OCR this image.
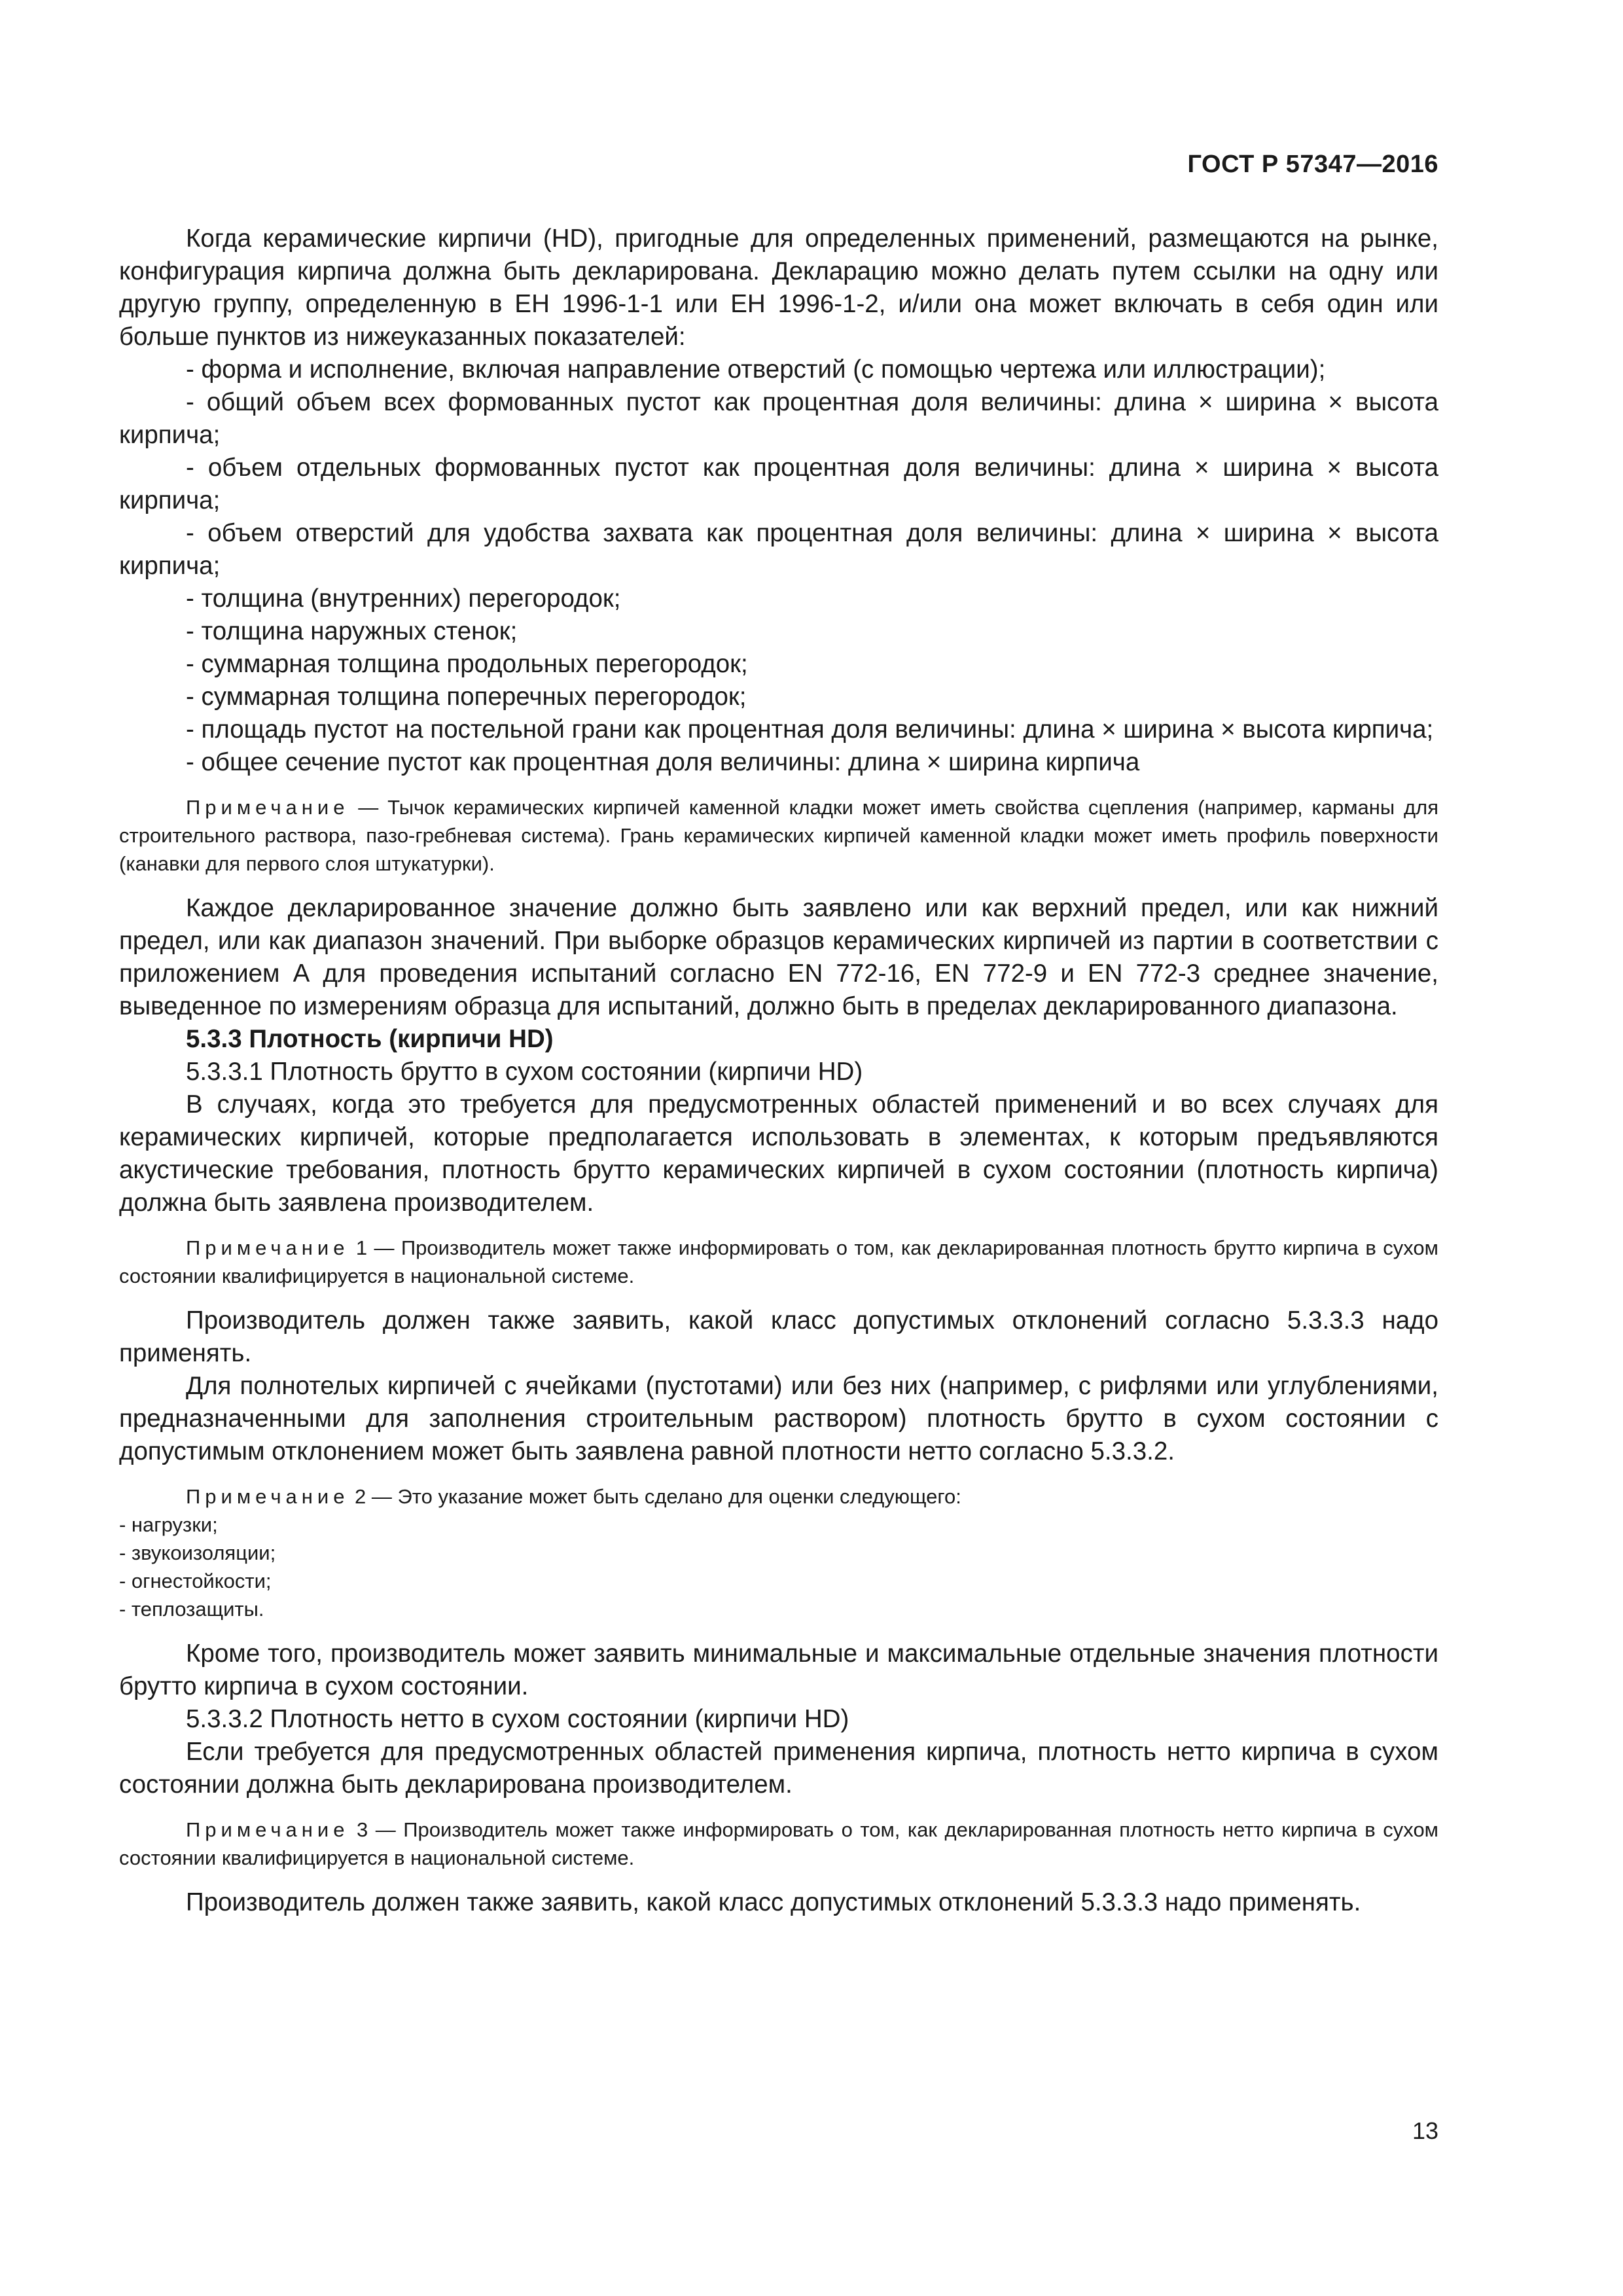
ГОСТ Р 57347—2016

Когда керамические кирпичи (HD), пригодные для определенных применений, размещаются на рынке, конфигурация кирпича должна быть декларирована. Декларацию можно делать путем ссылки на одну или другую группу, определенную в ЕН 1996-1-1 или ЕН 1996-1-2, и/или она может включать в себя один или больше пунктов из нижеуказанных показателей:

- форма и исполнение, включая направление отверстий (с помощью чертежа или иллюстрации);

- общий объем всех формованных пустот как процентная доля величины: длина × ширина × высота кирпича;

- объем отдельных формованных пустот как процентная доля величины: длина × ширина × высота кирпича;

- объем отверстий для удобства захвата как процентная доля величины: длина × ширина × высота кирпича;

- толщина (внутренних) перегородок;

- толщина наружных стенок;

- суммарная толщина продольных перегородок;

- суммарная толщина поперечных перегородок;

- площадь пустот на постельной грани как процентная доля величины: длина × ширина × высота кирпича;

- общее сечение пустот как процентная доля величины: длина × ширина кирпича

Примечание — Тычок керамических кирпичей каменной кладки может иметь свойства сцепления (например, карманы для строительного раствора, пазо-гребневая система). Грань керамических кирпичей каменной кладки может иметь профиль поверхности (канавки для первого слоя штукатурки).

Каждое декларированное значение должно быть заявлено или как верхний предел, или как нижний предел, или как диапазон значений. При выборке образцов керамических кирпичей из партии в соответствии с приложением А для проведения испытаний согласно EN 772-16, EN 772-9 и EN 772-3 среднее значение, выведенное по измерениям образца для испытаний, должно быть в пределах декларированного диапазона.

5.3.3 Плотность (кирпичи HD)

5.3.3.1 Плотность брутто в сухом состоянии (кирпичи HD)

В случаях, когда это требуется для предусмотренных областей применений и во всех случаях для керамических кирпичей, которые предполагается использовать в элементах, к которым предъявляются акустические требования, плотность брутто керамических кирпичей в сухом состоянии (плотность кирпича) должна быть заявлена производителем.

Примечание 1 — Производитель может также информировать о том, как декларированная плотность брутто кирпича в сухом состоянии квалифицируется в национальной системе.

Производитель должен также заявить, какой класс допустимых отклонений согласно 5.3.3.3 надо применять.

Для полнотелых кирпичей с ячейками (пустотами) или без них (например, с рифлями или углублениями, предназначенными для заполнения строительным раствором) плотность брутто в сухом состоянии с допустимым отклонением может быть заявлена равной плотности нетто согласно 5.3.3.2.

Примечание 2 — Это указание может быть сделано для оценки следующего:

- нагрузки;

- звукоизоляции;

- огнестойкости;

- теплозащиты.

Кроме того, производитель может заявить минимальные и максимальные отдельные значения плотности брутто кирпича в сухом состоянии.

5.3.3.2 Плотность нетто в сухом состоянии (кирпичи HD)

Если требуется для предусмотренных областей применения кирпича, плотность нетто кирпича в сухом состоянии должна быть декларирована производителем.

Примечание 3 — Производитель может также информировать о том, как декларированная плотность нетто кирпича в сухом состоянии квалифицируется в национальной системе.

Производитель должен также заявить, какой класс допустимых отклонений 5.3.3.3 надо применять.

13
